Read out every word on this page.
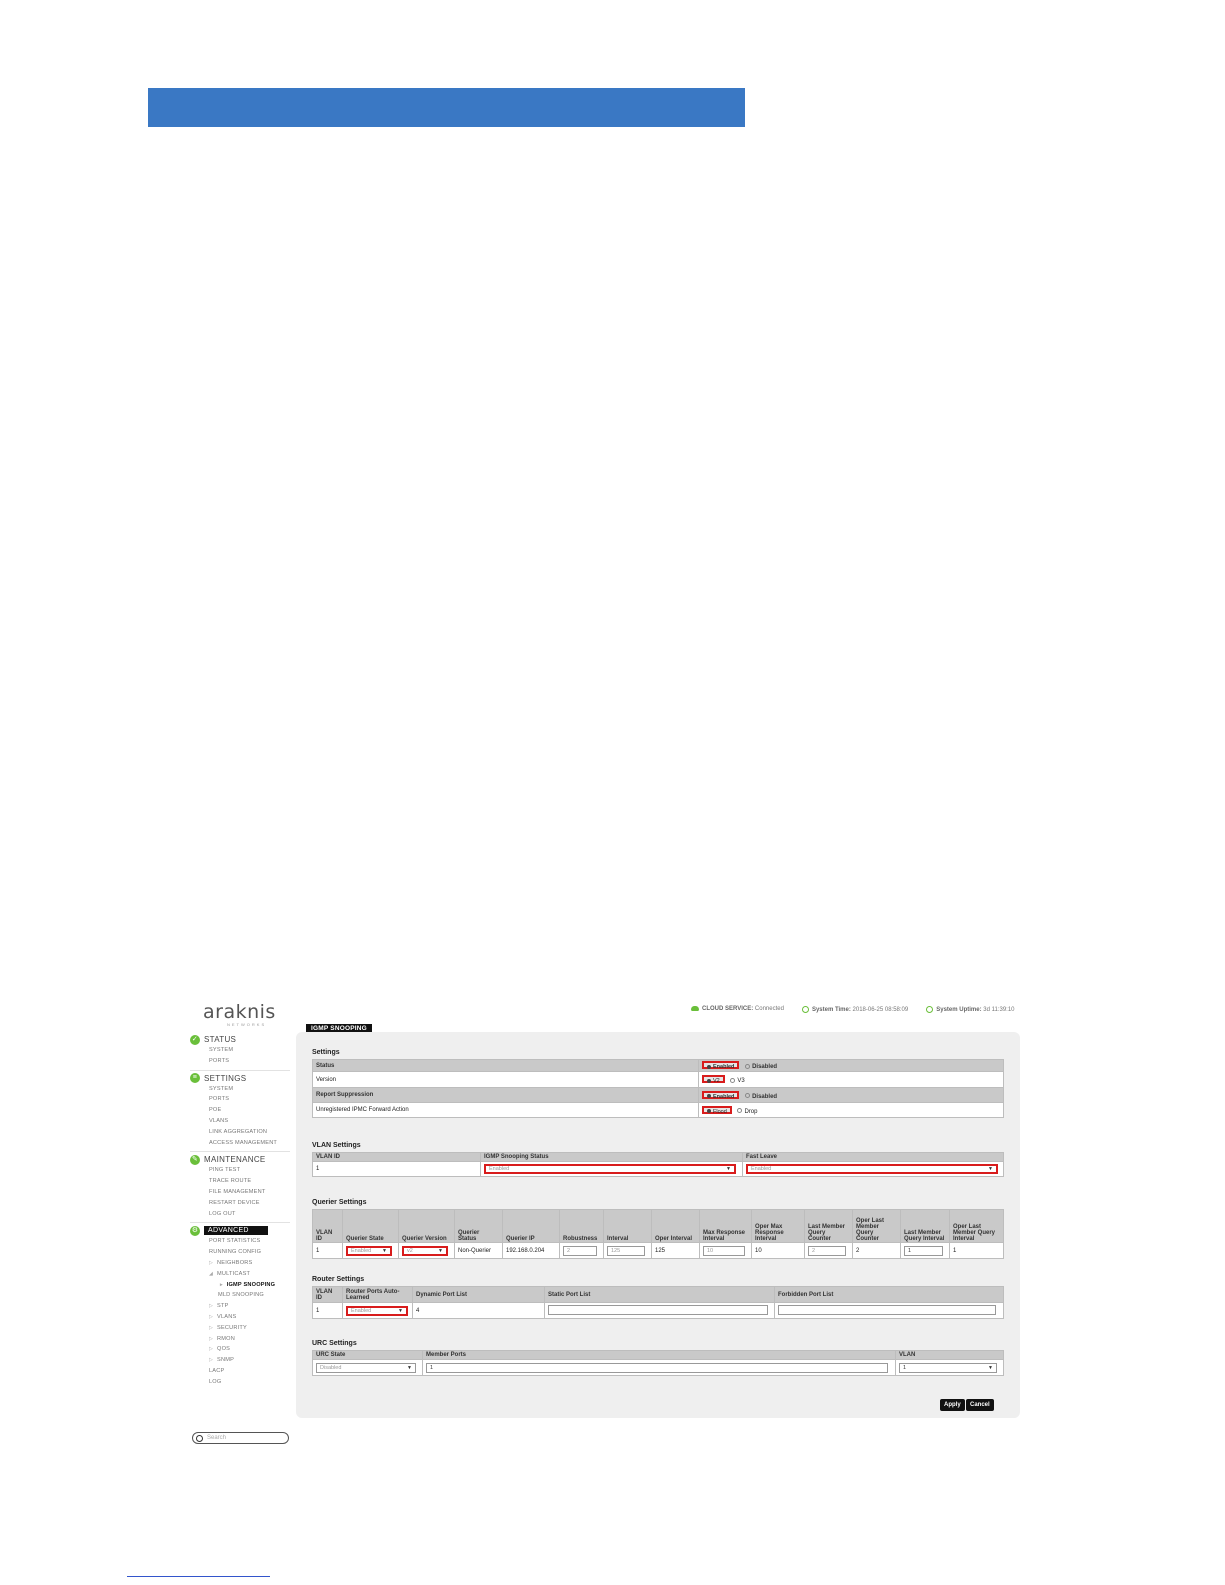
araknis
NETWORKS
CLOUD SERVICE: Connected	System Time: 2018-06-25 08:58:09	System Uptime: 3d 11:39:10
✓ STATUS
SYSTEM
PORTS
≡ SETTINGS
SYSTEM
PORTS
POE
VLANS
LINK AGGREGATION
ACCESS MANAGEMENT
✎ MAINTENANCE
PING TEST
TRACE ROUTE
FILE MANAGEMENT
RESTART DEVICE
LOG OUT
⚙	ADVANCED
PORT STATISTICS
RUNNING CONFIG
▷ NEIGHBORS
◢ MULTICAST
▸ IGMP SNOOPING
MLD SNOOPING
▷ STP
▷ VLANS
▷ SECURITY
▷ RMON
▷ QOS
▷ SNMP
LACP
LOG
Search
IGMP SNOOPING
Settings
Status	Enabled Disabled
Version	V2 V3
Report Suppression	Enabled Disabled
Unregistered IPMC Forward Action	Flood Drop
VLAN Settings
VLAN ID	IGMP Snooping Status	Fast Leave
1	Enabled ▼	Enabled ▼
Querier Settings
VLAN ID	Querier State	Querier Version	Querier Status	Querier IP	Robustness	Interval	Oper Interval	Max Response Interval	Oper Max Response Interval	Last Member Query Counter	Oper Last Member Query Counter	Last Member Query Interval	Oper Last Member Query Interval
1	Enabled ▼	v2 ▼	Non-Querier	192.168.0.204	2	125	125	10	10	2	2	1	1
Router Settings
VLAN ID	Router Ports Auto-Learned	Dynamic Port List	Static Port List	Forbidden Port List
1	Enabled ▼	4		
URC Settings
URC State	Member Ports	VLAN

Disabled ▼	1	1 ▼
Apply	Cancel
